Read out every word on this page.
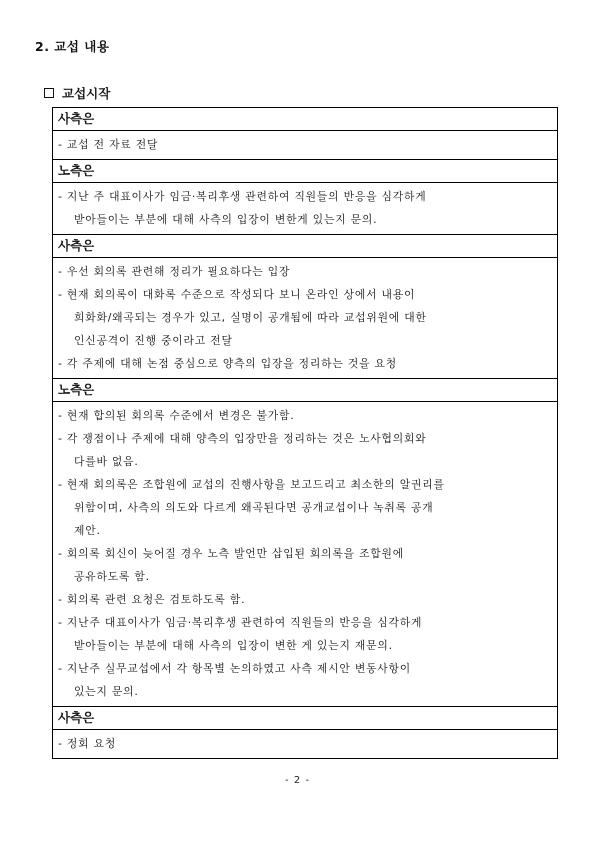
2. 교섭 내용
교섭시작
사측은
- 교섭 전 자료 전달
노측은
- 지난 주 대표이사가 임금·복리후생 관련하여 직원들의 반응을 심각하게
받아들이는 부분에 대해 사측의 입장이 변한게 있는지 문의.
사측은
- 우선 회의록 관련해 정리가 필요하다는 입장
- 현재 회의록이 대화록 수준으로 작성되다 보니 온라인 상에서 내용이
희화화/왜곡되는 경우가 있고, 실명이 공개됨에 따라 교섭위원에 대한
인신공격이 진행 중이라고 전달
- 각 주제에 대해 논점 중심으로 양측의 입장을 정리하는 것을 요청
노측은
- 현재 합의된 회의록 수준에서 변경은 불가함.
- 각 쟁점이나 주제에 대해 양측의 입장만을 정리하는 것은 노사협의회와
다를바 없음.
- 현재 회의록은 조합원에 교섭의 진행사항을 보고드리고 최소한의 알권리를
위함이며, 사측의 의도와 다르게 왜곡된다면 공개교섭이나 녹취록 공개
제안.
- 회의록 회신이 늦어질 경우 노측 발언만 삽입된 회의록을 조합원에
공유하도록 함.
- 회의록 관련 요청은 검토하도록 함.
- 지난주 대표이사가 임금·복리후생 관련하여 직원들의 반응을 심각하게
받아들이는 부분에 대해 사측의 입장이 변한 게 있는지 재문의.
- 지난주 실무교섭에서 각 항목별 논의하였고 사측 제시안 변동사항이
있는지 문의.
사측은
- 정회 요청
- 2 -
